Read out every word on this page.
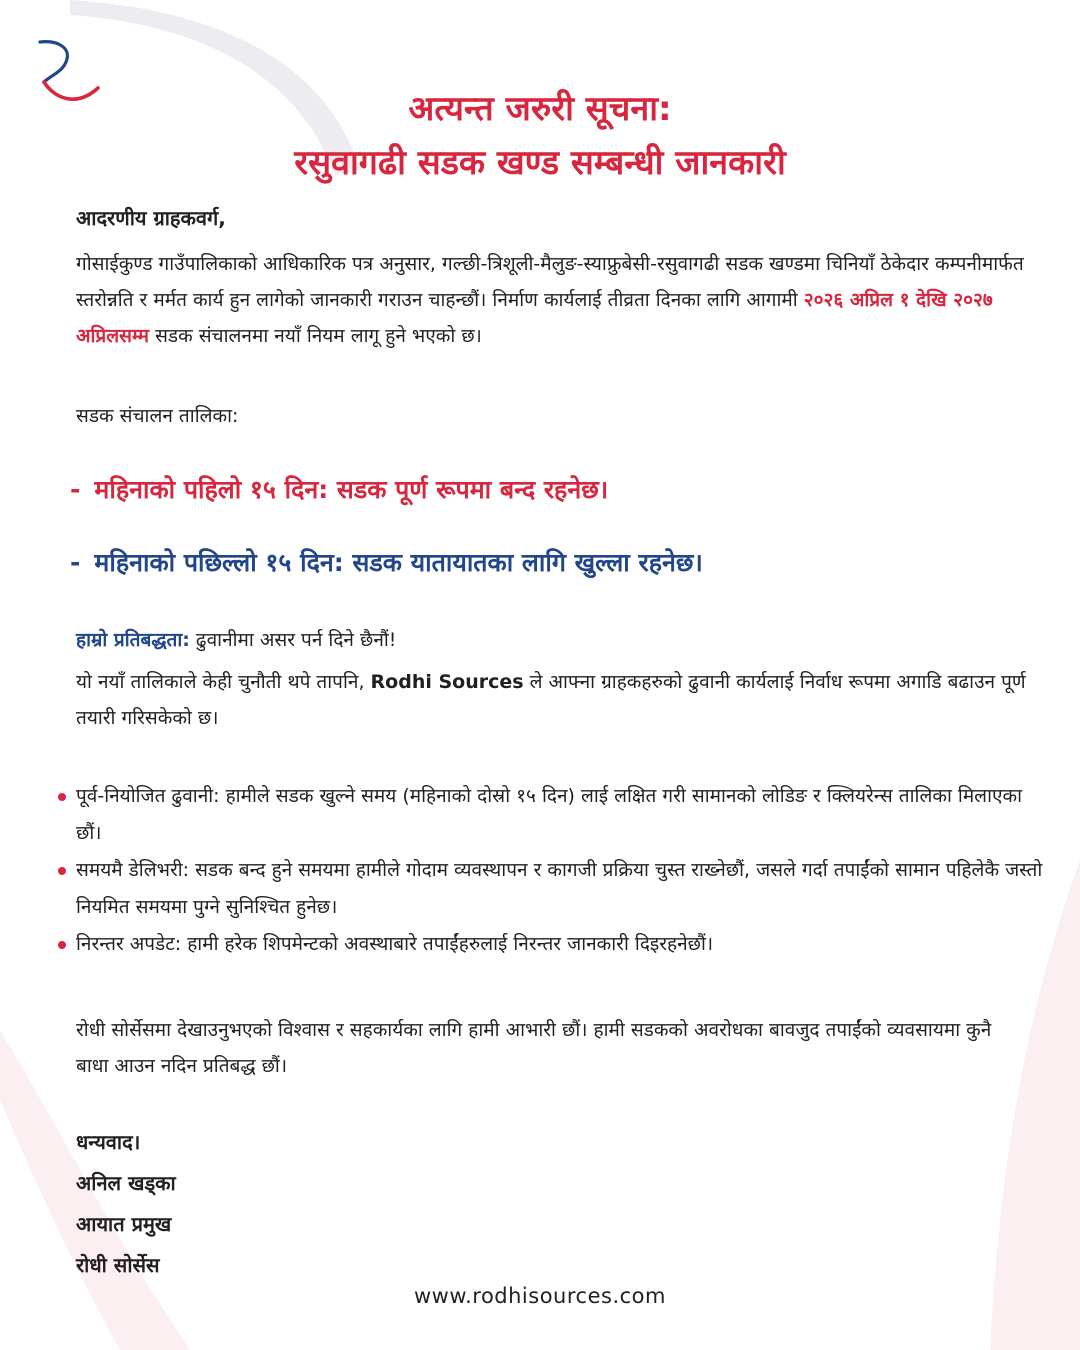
अत्यन्त जरुरी सूचना:
रसुवागढी सडक खण्ड सम्बन्धी जानकारी

आदरणीय ग्राहकवर्ग,

गोसाईकुण्ड गाउँपालिकाको आधिकारिक पत्र अनुसार, गल्छी-त्रिशूली-मैलुङ-स्याफ्रुबेसी-रसुवागढी सडक खण्डमा चिनियाँ ठेकेदार कम्पनीमार्फत स्तरोन्नति र मर्मत कार्य हुन लागेको जानकारी गराउन चाहन्छौं। निर्माण कार्यलाई तीव्रता दिनका लागि आगामी २०२६ अप्रिल १ देखि २०२७ अप्रिलसम्म सडक संचालनमा नयाँ नियम लागू हुने भएको छ।

सडक संचालन तालिका:

- महिनाको पहिलो १५ दिन: सडक पूर्ण रूपमा बन्द रहनेछ।

- महिनाको पछिल्लो १५ दिन: सडक यातायातका लागि खुल्ला रहनेछ।

हाम्रो प्रतिबद्धता: ढुवानीमा असर पर्न दिने छैनौं!

यो नयाँ तालिकाले केही चुनौती थपे तापनि, Rodhi Sources ले आफ्ना ग्राहकहरुको ढुवानी कार्यलाई निर्वाध रूपमा अगाडि बढाउन पूर्ण तयारी गरिसकेको छ।

पूर्व-नियोजित ढुवानी: हामीले सडक खुल्ने समय (महिनाको दोस्रो १५ दिन) लाई लक्षित गरी सामानको लोडिङ र क्लियरेन्स तालिका मिलाएका छौं।
समयमै डेलिभरी: सडक बन्द हुने समयमा हामीले गोदाम व्यवस्थापन र कागजी प्रक्रिया चुस्त राख्नेछौं, जसले गर्दा तपाईंको सामान पहिलेकै जस्तो नियमित समयमा पुग्ने सुनिश्चित हुनेछ।
निरन्तर अपडेट: हामी हरेक शिपमेन्टको अवस्थाबारे तपाईंहरुलाई निरन्तर जानकारी दिइरहनेछौं।

रोधी सोर्सेसमा देखाउनुभएको विश्वास र सहकार्यका लागि हामी आभारी छौं। हामी सडकको अवरोधका बावजुद तपाईंको व्यवसायमा कुनै बाधा आउन नदिन प्रतिबद्ध छौं।

धन्यवाद।
अनिल खड्का
आयात प्रमुख
रोधी सोर्सेस

www.rodhisources.com
